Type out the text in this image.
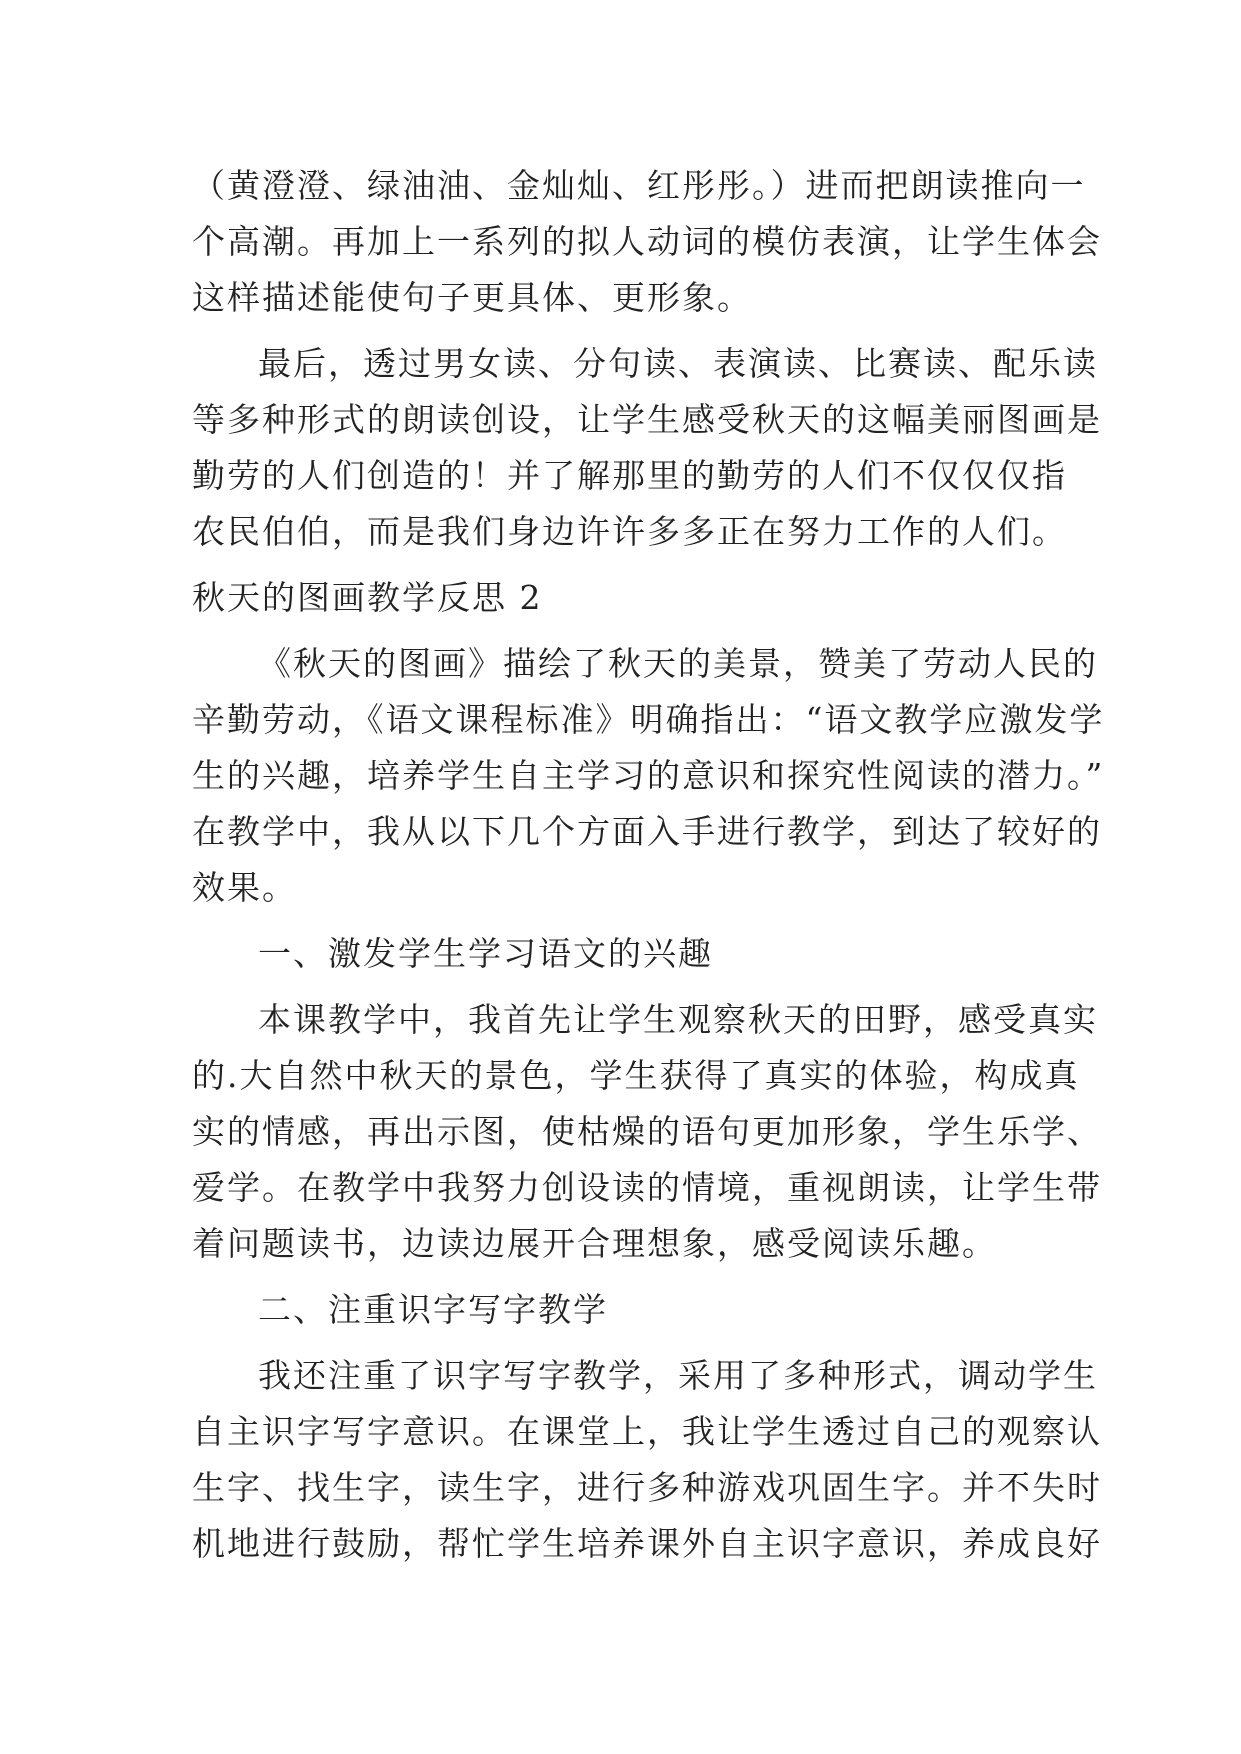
（黄澄澄、绿油油、金灿灿、红彤彤。）进而把朗读推向一
个高潮。再加上一系列的拟人动词的模仿表演，让学生体会
这样描述能使句子更具体、更形象。

最后，透过男女读、分句读、表演读、比赛读、配乐读
等多种形式的朗读创设，让学生感受秋天的这幅美丽图画是
勤劳的人们创造的！并了解那里的勤劳的人们不仅仅仅指
农民伯伯，而是我们身边许许多多正在努力工作的人们。

秋天的图画教学反思 2

《秋天的图画》描绘了秋天的美景，赞美了劳动人民的
辛勤劳动，《语文课程标准》明确指出：“语文教学应激发学
生的兴趣，培养学生自主学习的意识和探究性阅读的潜力。”
在教学中，我从以下几个方面入手进行教学，到达了较好的
效果。

一、激发学生学习语文的兴趣

本课教学中，我首先让学生观察秋天的田野，感受真实
的.大自然中秋天的景色，学生获得了真实的体验，构成真
实的情感，再出示图，使枯燥的语句更加形象，学生乐学、
爱学。在教学中我努力创设读的情境，重视朗读，让学生带
着问题读书，边读边展开合理想象，感受阅读乐趣。

二、注重识字写字教学

我还注重了识字写字教学，采用了多种形式，调动学生
自主识字写字意识。在课堂上，我让学生透过自己的观察认
生字、找生字，读生字，进行多种游戏巩固生字。并不失时
机地进行鼓励，帮忙学生培养课外自主识字意识，养成良好
